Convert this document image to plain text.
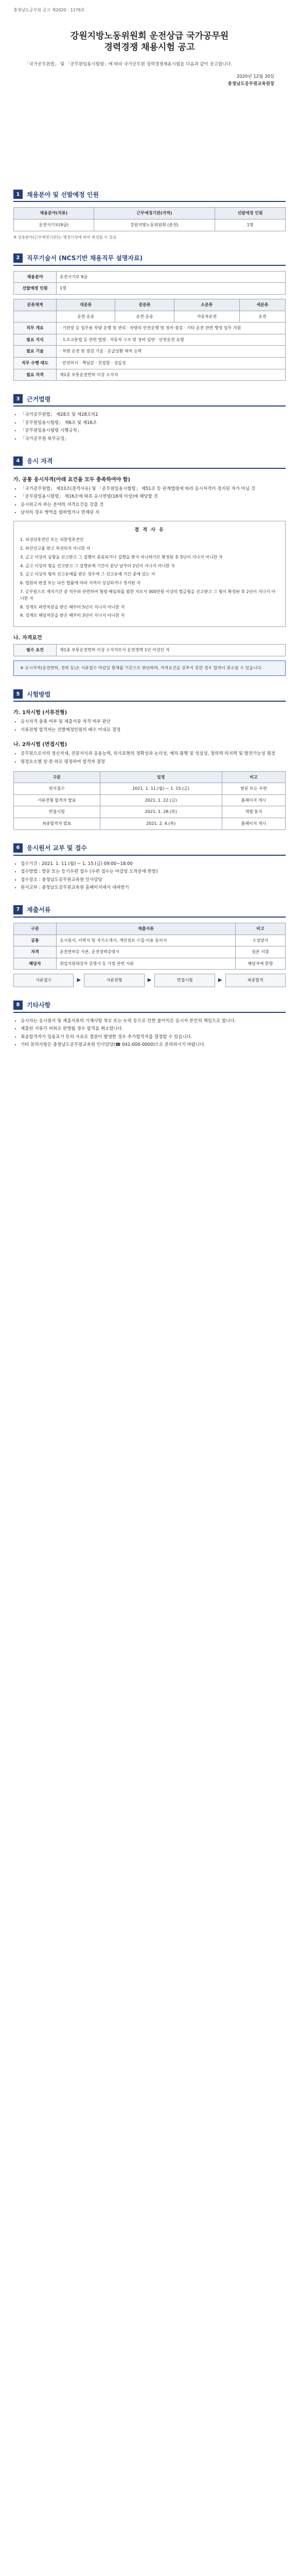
충청남도공무원 공고 제2020 - 1176호
강원지방노동위원회 운전상급 국가공무원
경력경쟁 채용시험 공고
「국가공무원법」 및 「공무원임용시험령」에 따라 국가공무원 경력경쟁채용시험을 다음과 같이 공고합니다.
2020년 12월 30일
충청남도공무원교육원장
1	채용분야 및 선발예정 인원
채용분야(직류)	근무예정기관(지역)	선발예정 인원
운전서기보(9급)	강원지방노동위원회 (춘천)	1명
※ 임용분야(근무예정기관)는 행정사정에 따라 변경될 수 있음
2	직무기술서 (NCS기반 채용직무 설명자료)
채용분야	운전서기보 9급
선발예정 인원	1명
분류체계	대분류	중분류	소분류	세분류
	운전·운송	운전·운송	자동차운전	운전
직무 개요	· 기관장 등 업무용 차량 운행 및 관리 · 차량의 안전운행 및 정비·점검 · 기타 운전 관련 행정 업무 지원			
필요 지식	· 도로교통법 등 관련 법령 · 자동차 구조 및 정비 일반 · 안전운전 요령			
필요 기술	· 차량 운전 및 점검 기술 · 응급상황 대처 능력			
직무 수행 태도	· 안전의식 · 책임감 · 친절함 · 성실성			
필요 자격	제1종 보통운전면허 이상 소지자			
3	근거법령
• 「국가공무원법」 제28조 및 제28조의2
• 「공무원임용시험령」 제6조 및 제16조
• 「공무원임용시험령 시행규칙」
• 「국가공무원 복무규정」
4	응시 자격
가. 공통 응시자격(아래 요건을 모두 충족하여야 함)
• 「국가공무원법」 제33조(결격사유) 및 「공무원임용시험령」 제51조 등 관계법령에 따라 응시자격이 정지된 자가 아닐 것
• 「공무원임용시험령」 제16조에 따른 응시연령(18세 이상)에 해당할 것
• 응시하고자 하는 분야의 자격요건을 갖출 것
• 남자의 경우 병역을 필하였거나 면제된 자
결 격 사 유

1. 피성년후견인 또는 피한정후견인

2. 파산선고를 받고 복권되지 아니한 자

3. 금고 이상의 실형을 선고받고 그 집행이 종료되거나 집행을 받지 아니하기로 확정된 후 5년이 지나지 아니한 자

4. 금고 이상의 형을 선고받고 그 집행유예 기간이 끝난 날부터 2년이 지나지 아니한 자

5. 금고 이상의 형의 선고유예를 받은 경우에 그 선고유예 기간 중에 있는 자

6. 법원의 판결 또는 다른 법률에 따라 자격이 상실되거나 정지된 자

7. 공무원으로 재직기간 중 직무와 관련하여 횡령·배임죄를 범한 자로서 300만원 이상의 벌금형을 선고받고 그 형이 확정된 후 2년이 지나지 아니한 자

8. 징계로 파면처분을 받은 때부터 5년이 지나지 아니한 자

9. 징계로 해임처분을 받은 때부터 3년이 지나지 아니한 자

나. 자격요건
필수 요건	제1종 보통운전면허 이상 소지자로서 운전경력 1년 이상인 자
※ 응시자격(운전면허, 경력 등)은 서류접수 마감일 현재를 기준으로 판단하며, 자격요건을 갖추지 못한 경우 합격이 취소될 수 있습니다.
5	시험방법
가. 1차시험 (서류전형)
• 응시자격 충족 여부 및 제출서류 적격 여부 판단
• 서류전형 합격자는 선발예정인원의 배수 이내로 결정
나. 2차시험 (면접시험)
• 공무원으로서의 정신자세, 전문지식과 응용능력, 의사표현의 정확성과 논리성, 예의·품행 및 성실성, 창의력·의지력 및 발전가능성 평정
• 평정요소별 상·중·하로 평정하여 합격자 결정
구분	일정	비고
원서접수	2021. 1. 11.(월) ~ 1. 15.(금)	방문 또는 우편
서류전형 합격자 발표	2021. 1. 22.(금)	홈페이지 게시
면접시험	2021. 1. 28.(목)	개별 통지
최종합격자 발표	2021. 2. 4.(목)	홈페이지 게시
6	응시원서 교부 및 접수
• 접수기간 : 2021. 1. 11.(월) ~ 1. 15.(금) 09:00~18:00
• 접수방법 : 방문 또는 등기우편 접수 (우편 접수는 마감일 도착분에 한함)
• 접수장소 : 충청남도공무원교육원 인사담당
• 원서교부 : 충청남도공무원교육원 홈페이지에서 내려받기
7	제출서류
구분	제출서류	비고
공통	응시원서, 이력서 및 자기소개서, 개인정보 수집·이용 동의서	소정양식
자격	운전면허증 사본, 운전경력증명서	원본 지참
해당자	취업지원대상자 증명서 등 가점 관련 서류	해당자에 한함
서류접수	▶	서류전형	▶	면접시험	▶	최종합격
8	기타사항
• 응시자는 응시원서 및 제출서류의 기재사항 착오 또는 누락 등으로 인한 불이익은 응시자 본인의 책임으로 합니다.
• 제출된 서류가 허위로 판명될 경우 합격을 취소합니다.
• 최종합격자가 임용포기 등의 사유로 결원이 발생한 경우 추가합격자를 결정할 수 있습니다.
• 기타 문의사항은 충청남도공무원교육원 인사담당(☎ 041-000-0000)으로 문의하시기 바랍니다.
